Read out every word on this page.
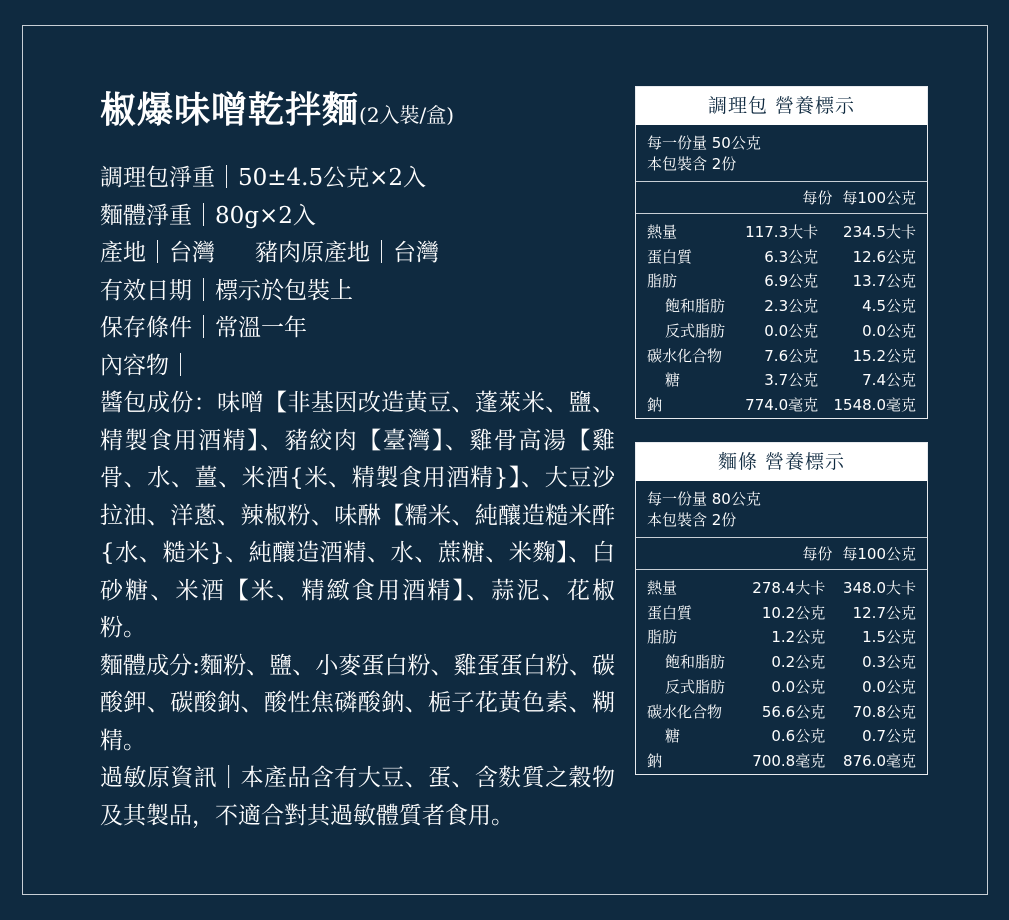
椒爆味噌乾拌麵(2入裝/盒)
調理包淨重｜50±4.5公克×2入
麵體淨重｜80g×2入
產地｜台灣 豬肉原產地｜台灣
有效日期｜標示於包裝上
保存條件｜常溫一年
內容物｜
醬包成份：味噌【非基因改造黃豆、蓬萊米、鹽、精製食用酒精】、豬絞肉【臺灣】、雞骨高湯【雞骨、水、薑、米酒{米、精製食用酒精}】、大豆沙拉油、洋蔥、辣椒粉、味醂【糯米、純釀造糙米酢{水、糙米}、純釀造酒精、水、蔗糖、米麴】、白砂糖、米酒【米、精緻食用酒精】、蒜泥、花椒粉。
麵體成分:麵粉、鹽、小麥蛋白粉、雞蛋蛋白粉、碳酸鉀、碳酸鈉、酸性焦磷酸鈉、梔子花黃色素、糊精。
過敏原資訊｜本產品含有大豆、蛋、含麩質之穀物及其製品，不適合對其過敏體質者食用。
調理包 營養標示
每一份量 50公克
本包裝含 2份
每份 每100公克
熱量	117.3大卡	234.5大卡
蛋白質	6.3公克	12.6公克
脂肪	6.9公克	13.7公克
飽和脂肪	2.3公克	4.5公克
反式脂肪	0.0公克	0.0公克
碳水化合物	7.6公克	15.2公克
糖	3.7公克	7.4公克
鈉	774.0毫克	1548.0毫克
麵條 營養標示
每一份量 80公克
本包裝含 2份
每份 每100公克
熱量	278.4大卡	348.0大卡
蛋白質	10.2公克	12.7公克
脂肪	1.2公克	1.5公克
飽和脂肪	0.2公克	0.3公克
反式脂肪	0.0公克	0.0公克
碳水化合物	56.6公克	70.8公克
糖	0.6公克	0.7公克
鈉	700.8毫克	876.0毫克
